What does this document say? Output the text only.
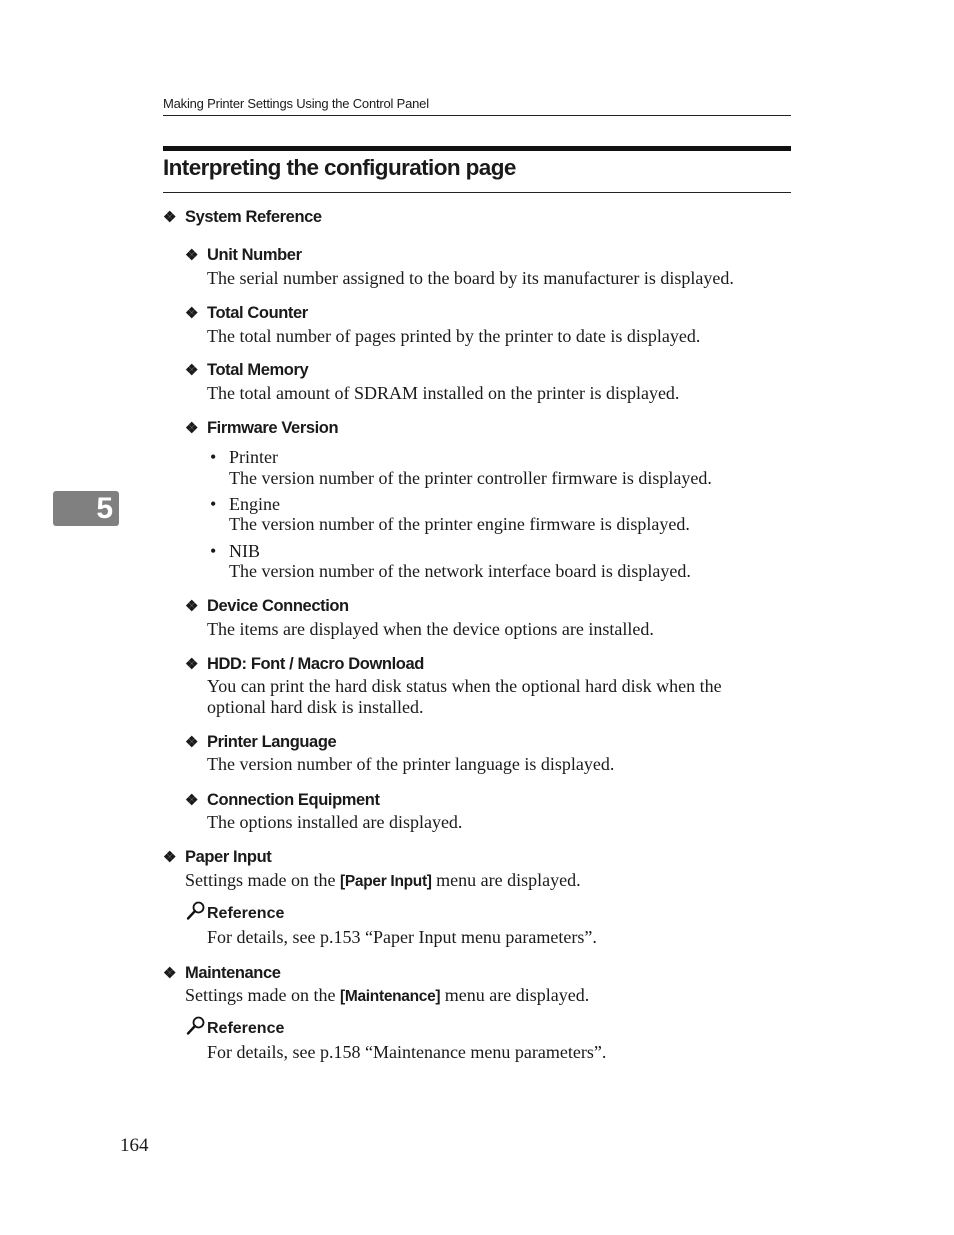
Making Printer Settings Using the Control Panel
Interpreting the configuration page
❖ System Reference
❖ Unit Number
The serial number assigned to the board by its manufacturer is displayed.
❖ Total Counter
The total number of pages printed by the printer to date is displayed.
❖ Total Memory
The total amount of SDRAM installed on the printer is displayed.
❖ Firmware Version
• Printer
The version number of the printer controller firmware is displayed.
• Engine
The version number of the printer engine firmware is displayed.
• NIB
The version number of the network interface board is displayed.
❖ Device Connection
The items are displayed when the device options are installed.
❖ HDD: Font / Macro Download
You can print the hard disk status when the optional hard disk when the
optional hard disk is installed.
❖ Printer Language
The version number of the printer language is displayed.
❖ Connection Equipment
The options installed are displayed.
❖ Paper Input
Settings made on the [Paper Input] menu are displayed.
Reference
For details, see p.153 “Paper Input menu parameters”.
❖ Maintenance
Settings made on the [Maintenance] menu are displayed.
Reference
For details, see p.158 “Maintenance menu parameters”.
5
164
